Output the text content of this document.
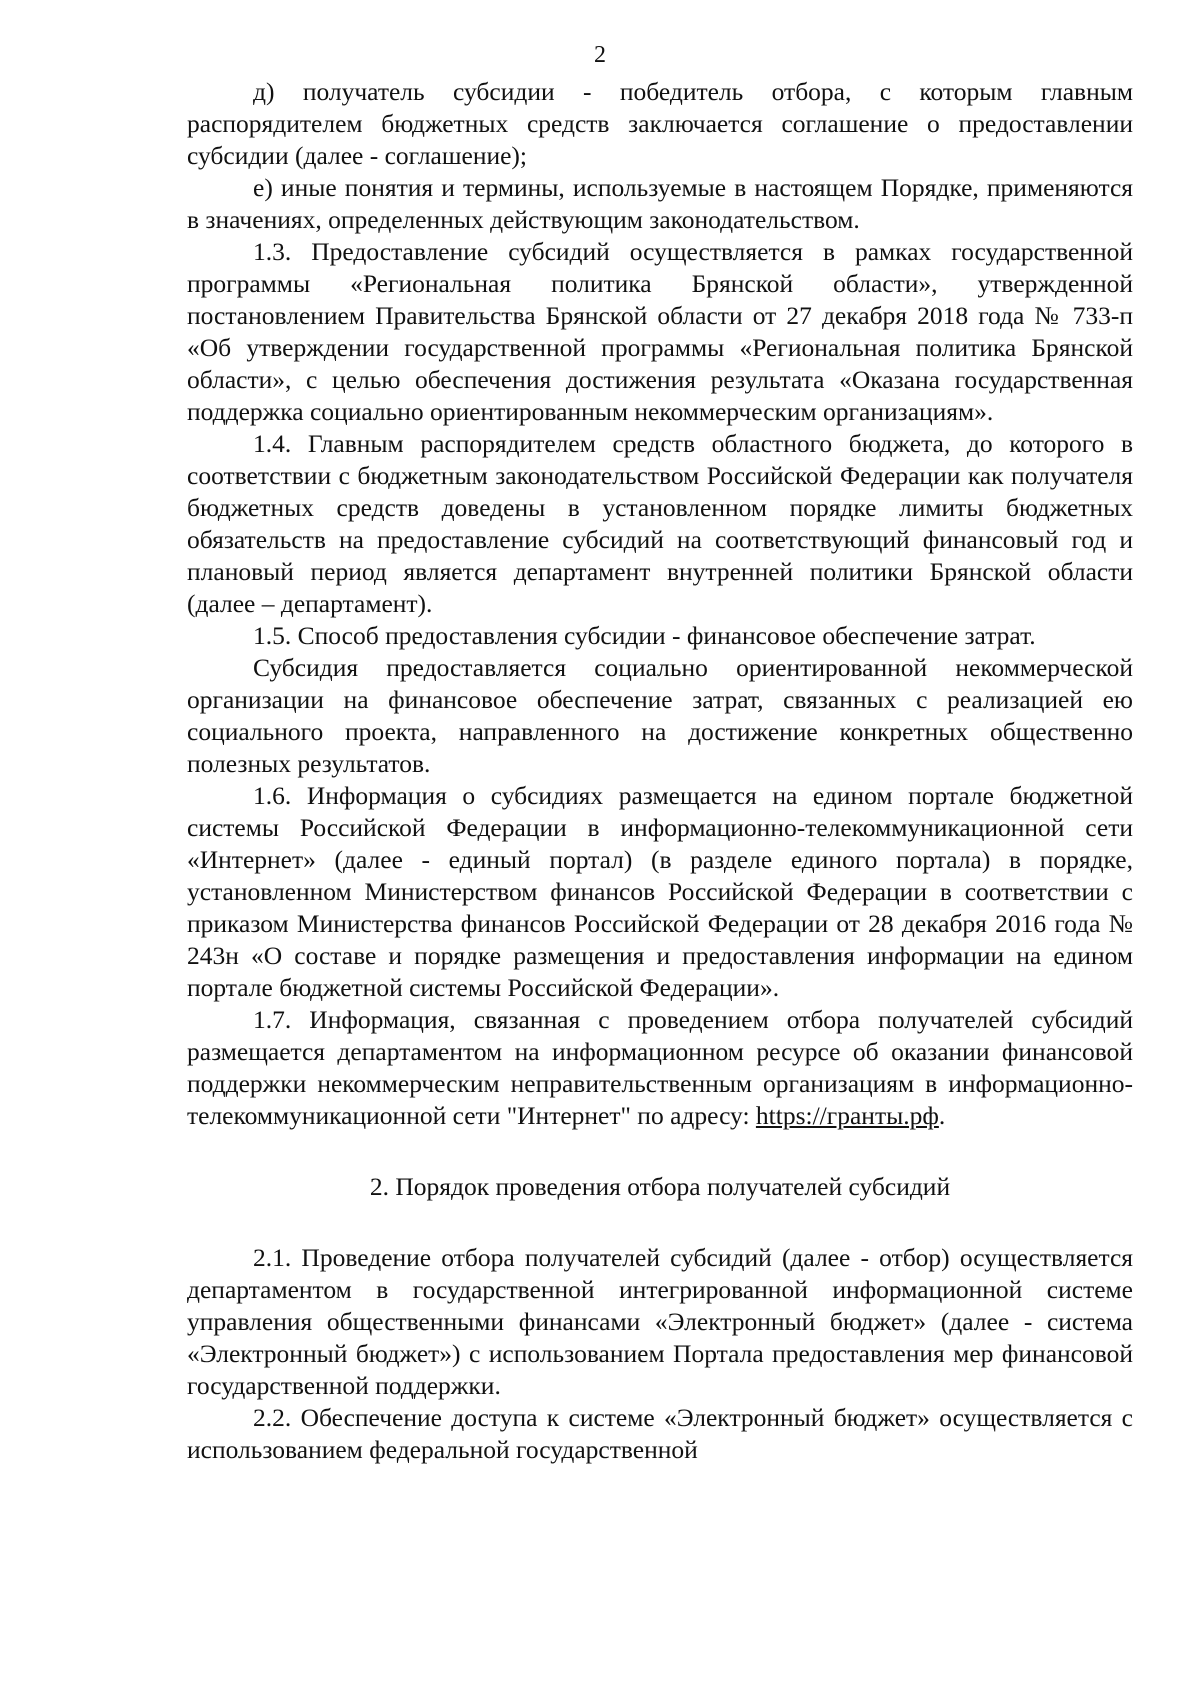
2

д) получатель субсидии - победитель отбора, с которым главным распорядителем бюджетных средств заключается соглашение о предоставлении субсидии (далее - соглашение);

е) иные понятия и термины, используемые в настоящем Порядке, применяются в значениях, определенных действующим законодательством.

1.3. Предоставление субсидий осуществляется в рамках государственной программы «Региональная политика Брянской области», утвержденной постановлением Правительства Брянской области от 27 декабря 2018 года № 733-п «Об утверждении государственной программы «Региональная политика Брянской области», с целью обеспечения достижения результата «Оказана государственная поддержка социально ориентированным некоммерческим организациям».

1.4. Главным распорядителем средств областного бюджета, до которого в соответствии с бюджетным законодательством Российской Федерации как получателя бюджетных средств доведены в установленном порядке лимиты бюджетных обязательств на предоставление субсидий на соответствующий финансовый год и плановый период является департамент внутренней политики Брянской области (далее – департамент).

1.5. Способ предоставления субсидии - финансовое обеспечение затрат.

Субсидия предоставляется социально ориентированной некоммерческой организации на финансовое обеспечение затрат, связанных с реализацией ею социального проекта, направленного на достижение конкретных общественно полезных результатов.

1.6. Информация о субсидиях размещается на едином портале бюджетной системы Российской Федерации в информационно-телекоммуникационной сети «Интернет» (далее - единый портал) (в разделе единого портала) в порядке, установленном Министерством финансов Российской Федерации в соответствии с приказом Министерства финансов Российской Федерации от 28 декабря 2016 года № 243н «О составе и порядке размещения и предоставления информации на едином портале бюджетной системы Российской Федерации».

1.7. Информация, связанная с проведением отбора получателей субсидий размещается департаментом на информационном ресурсе об оказании финансовой поддержки некоммерческим неправительственным организациям в информационно-телекоммуникационной сети "Интернет" по адресу: https://гранты.рф.

2. Порядок проведения отбора получателей субсидий

2.1. Проведение отбора получателей субсидий (далее - отбор) осуществляется департаментом в государственной интегрированной информационной системе управления общественными финансами «Электронный бюджет» (далее - система «Электронный бюджет») с использованием Портала предоставления мер финансовой государственной поддержки.

2.2. Обеспечение доступа к системе «Электронный бюджет» осуществляется с использованием федеральной государственной
